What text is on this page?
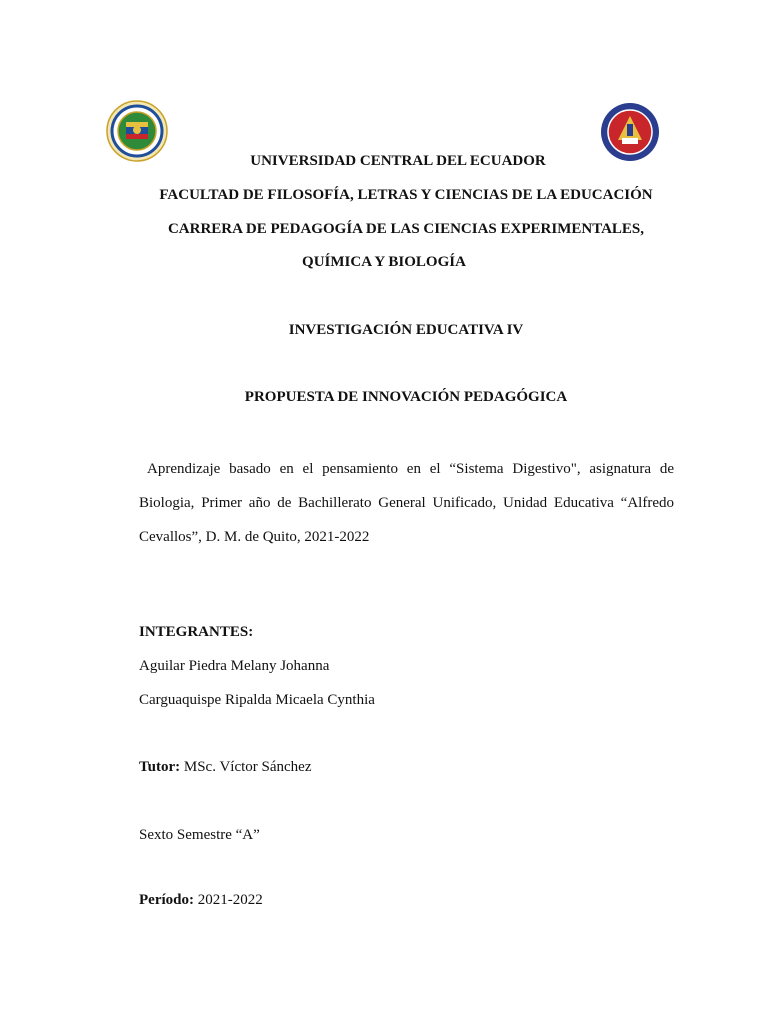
UNIVERSIDAD CENTRAL DEL ECUADOR
FACULTAD DE FILOSOFÍA, LETRAS Y CIENCIAS DE LA EDUCACIÓN
CARRERA DE PEDAGOGÍA DE LAS CIENCIAS EXPERIMENTALES,
QUÍMICA Y BIOLOGÍA
INVESTIGACIÓN EDUCATIVA IV
PROPUESTA DE INNOVACIÓN PEDAGÓGICA
Aprendizaje basado en el pensamiento en el “Sistema Digestivo", asignatura de
Biologia, Primer año de Bachillerato General Unificado, Unidad Educativa “Alfredo
Cevallos”, D. M. de Quito, 2021-2022
INTEGRANTES:
Aguilar Piedra Melany Johanna
Carguaquispe Ripalda Micaela Cynthia
Tutor: MSc. Víctor Sánchez
Sexto Semestre “A”
Período: 2021-2022
